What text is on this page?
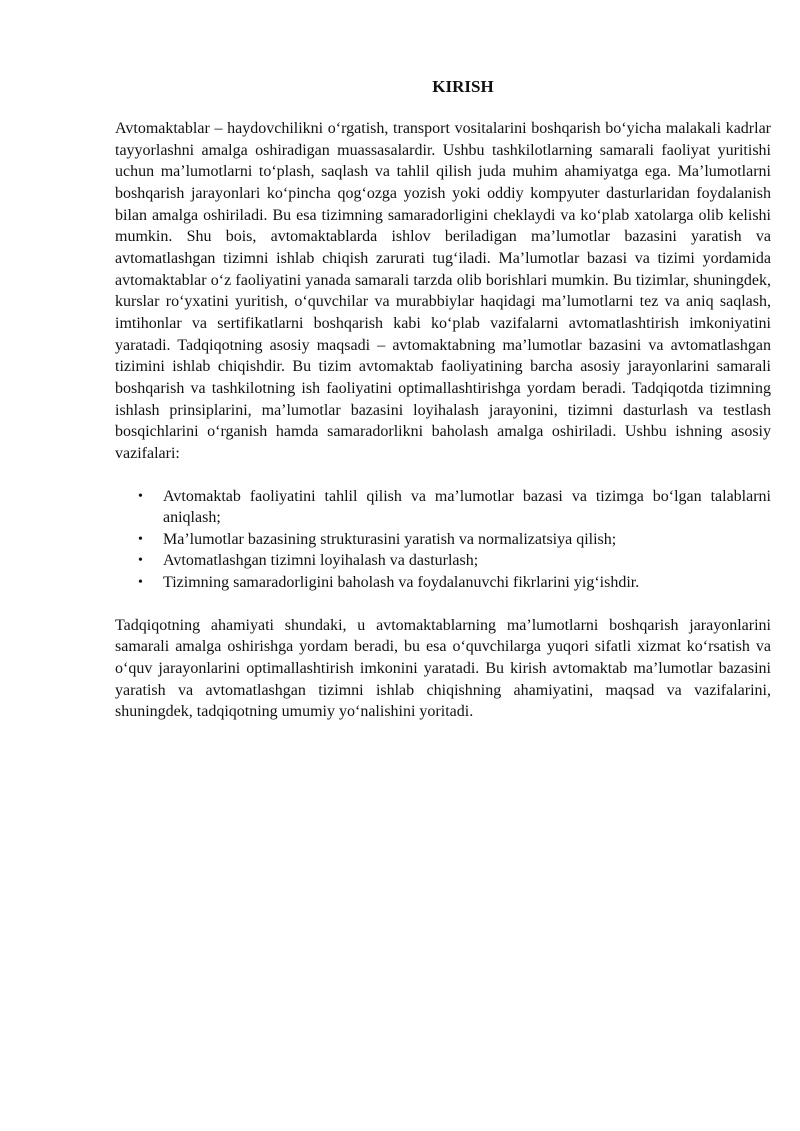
KIRISH

Avtomaktablar – haydovchilikni oʻrgatish, transport vositalarini boshqarish boʻyicha malakali kadrlar tayyorlashni amalga oshiradigan muassasalardir. Ushbu tashkilotlarning samarali faoliyat yuritishi uchun maʼlumotlarni toʻplash, saqlash va tahlil qilish juda muhim ahamiyatga ega. Maʼlumotlarni boshqarish jarayonlari koʻpincha qogʻozga yozish yoki oddiy kompyuter dasturlaridan foydalanish bilan amalga oshiriladi. Bu esa tizimning samaradorligini cheklaydi va koʻplab xatolarga olib kelishi mumkin. Shu bois, avtomaktablarda ishlov beriladigan maʼlumotlar bazasini yaratish va avtomatlashgan tizimni ishlab chiqish zarurati tugʻiladi. Maʼlumotlar bazasi va tizimi yordamida avtomaktablar oʻz faoliyatini yanada samarali tarzda olib borishlari mumkin. Bu tizimlar, shuningdek, kurslar roʻyxatini yuritish, oʻquvchilar va murabbiylar haqidagi maʼlumotlarni tez va aniq saqlash, imtihonlar va sertifikatlarni boshqarish kabi koʻplab vazifalarni avtomatlashtirish imkoniyatini yaratadi. Tadqiqotning asosiy maqsadi – avtomaktabning maʼlumotlar bazasini va avtomatlashgan tizimini ishlab chiqishdir. Bu tizim avtomaktab faoliyatining barcha asosiy jarayonlarini samarali boshqarish va tashkilotning ish faoliyatini optimallashtirishga yordam beradi. Tadqiqotda tizimning ishlash prinsiplarini, maʼlumotlar bazasini loyihalash jarayonini, tizimni dasturlash va testlash bosqichlarini oʻrganish hamda samaradorlikni baholash amalga oshiriladi. Ushbu ishning asosiy vazifalari:

• Avtomaktab faoliyatini tahlil qilish va maʼlumotlar bazasi va tizimga boʻlgan talablarni aniqlash;
• Maʼlumotlar bazasining strukturasini yaratish va normalizatsiya qilish;
• Avtomatlashgan tizimni loyihalash va dasturlash;
• Tizimning samaradorligini baholash va foydalanuvchi fikrlarini yigʻishdir.

Tadqiqotning ahamiyati shundaki, u avtomaktablarning maʼlumotlarni boshqarish jarayonlarini samarali amalga oshirishga yordam beradi, bu esa oʻquvchilarga yuqori sifatli xizmat koʻrsatish va oʻquv jarayonlarini optimallashtirish imkonini yaratadi. Bu kirish avtomaktab maʼlumotlar bazasini yaratish va avtomatlashgan tizimni ishlab chiqishning ahamiyatini, maqsad va vazifalarini, shuningdek, tadqiqotning umumiy yoʻnalishini yoritadi.
